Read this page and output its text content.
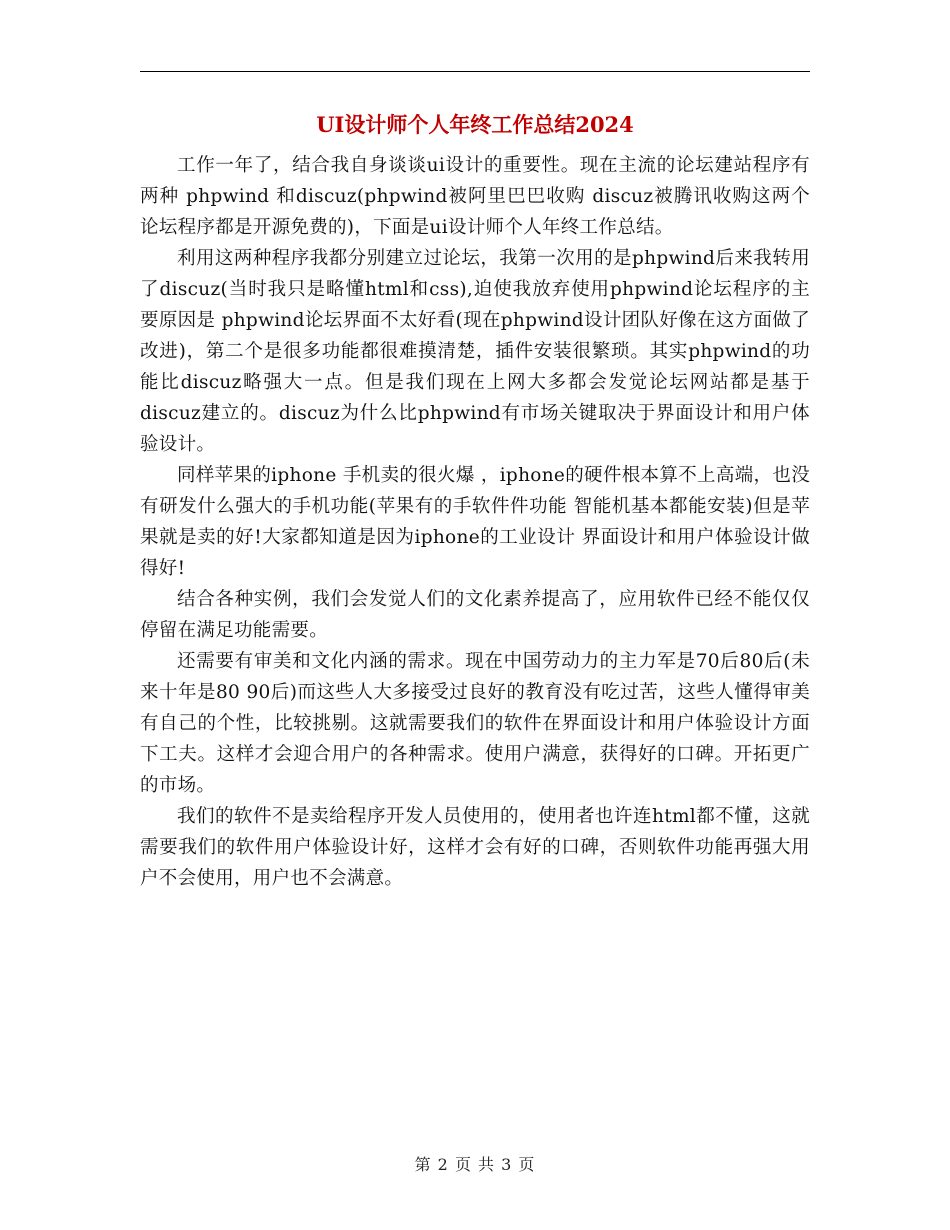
UI设计师个人年终工作总结2024

工作一年了，结合我自身谈谈ui设计的重要性。现在主流的论坛建站程序有两种 phpwind 和discuz(phpwind被阿里巴巴收购 discuz被腾讯收购这两个论坛程序都是开源免费的)，下面是ui设计师个人年终工作总结。

利用这两种程序我都分别建立过论坛，我第一次用的是phpwind后来我转用了discuz(当时我只是略懂html和css),迫使我放弃使用phpwind论坛程序的主要原因是 phpwind论坛界面不太好看(现在phpwind设计团队好像在这方面做了改进)，第二个是很多功能都很难摸清楚，插件安装很繁琐。其实phpwind的功能比discuz略强大一点。但是我们现在上网大多都会发觉论坛网站都是基于discuz建立的。discuz为什么比phpwind有市场关键取决于界面设计和用户体验设计。

同样苹果的iphone 手机卖的很火爆 ，iphone的硬件根本算不上高端，也没有研发什么强大的手机功能(苹果有的手软件件功能 智能机基本都能安装)但是苹果就是卖的好!大家都知道是因为iphone的工业设计 界面设计和用户体验设计做得好!

结合各种实例，我们会发觉人们的文化素养提高了，应用软件已经不能仅仅停留在满足功能需要。

还需要有审美和文化内涵的需求。现在中国劳动力的主力军是70后80后(未来十年是80 90后)而这些人大多接受过良好的教育没有吃过苦，这些人懂得审美 有自己的个性，比较挑剔。这就需要我们的软件在界面设计和用户体验设计方面下工夫。这样才会迎合用户的各种需求。使用户满意，获得好的口碑。开拓更广的市场。

我们的软件不是卖给程序开发人员使用的，使用者也许连html都不懂，这就需要我们的软件用户体验设计好，这样才会有好的口碑，否则软件功能再强大用户不会使用，用户也不会满意。

第 2 页 共 3 页
